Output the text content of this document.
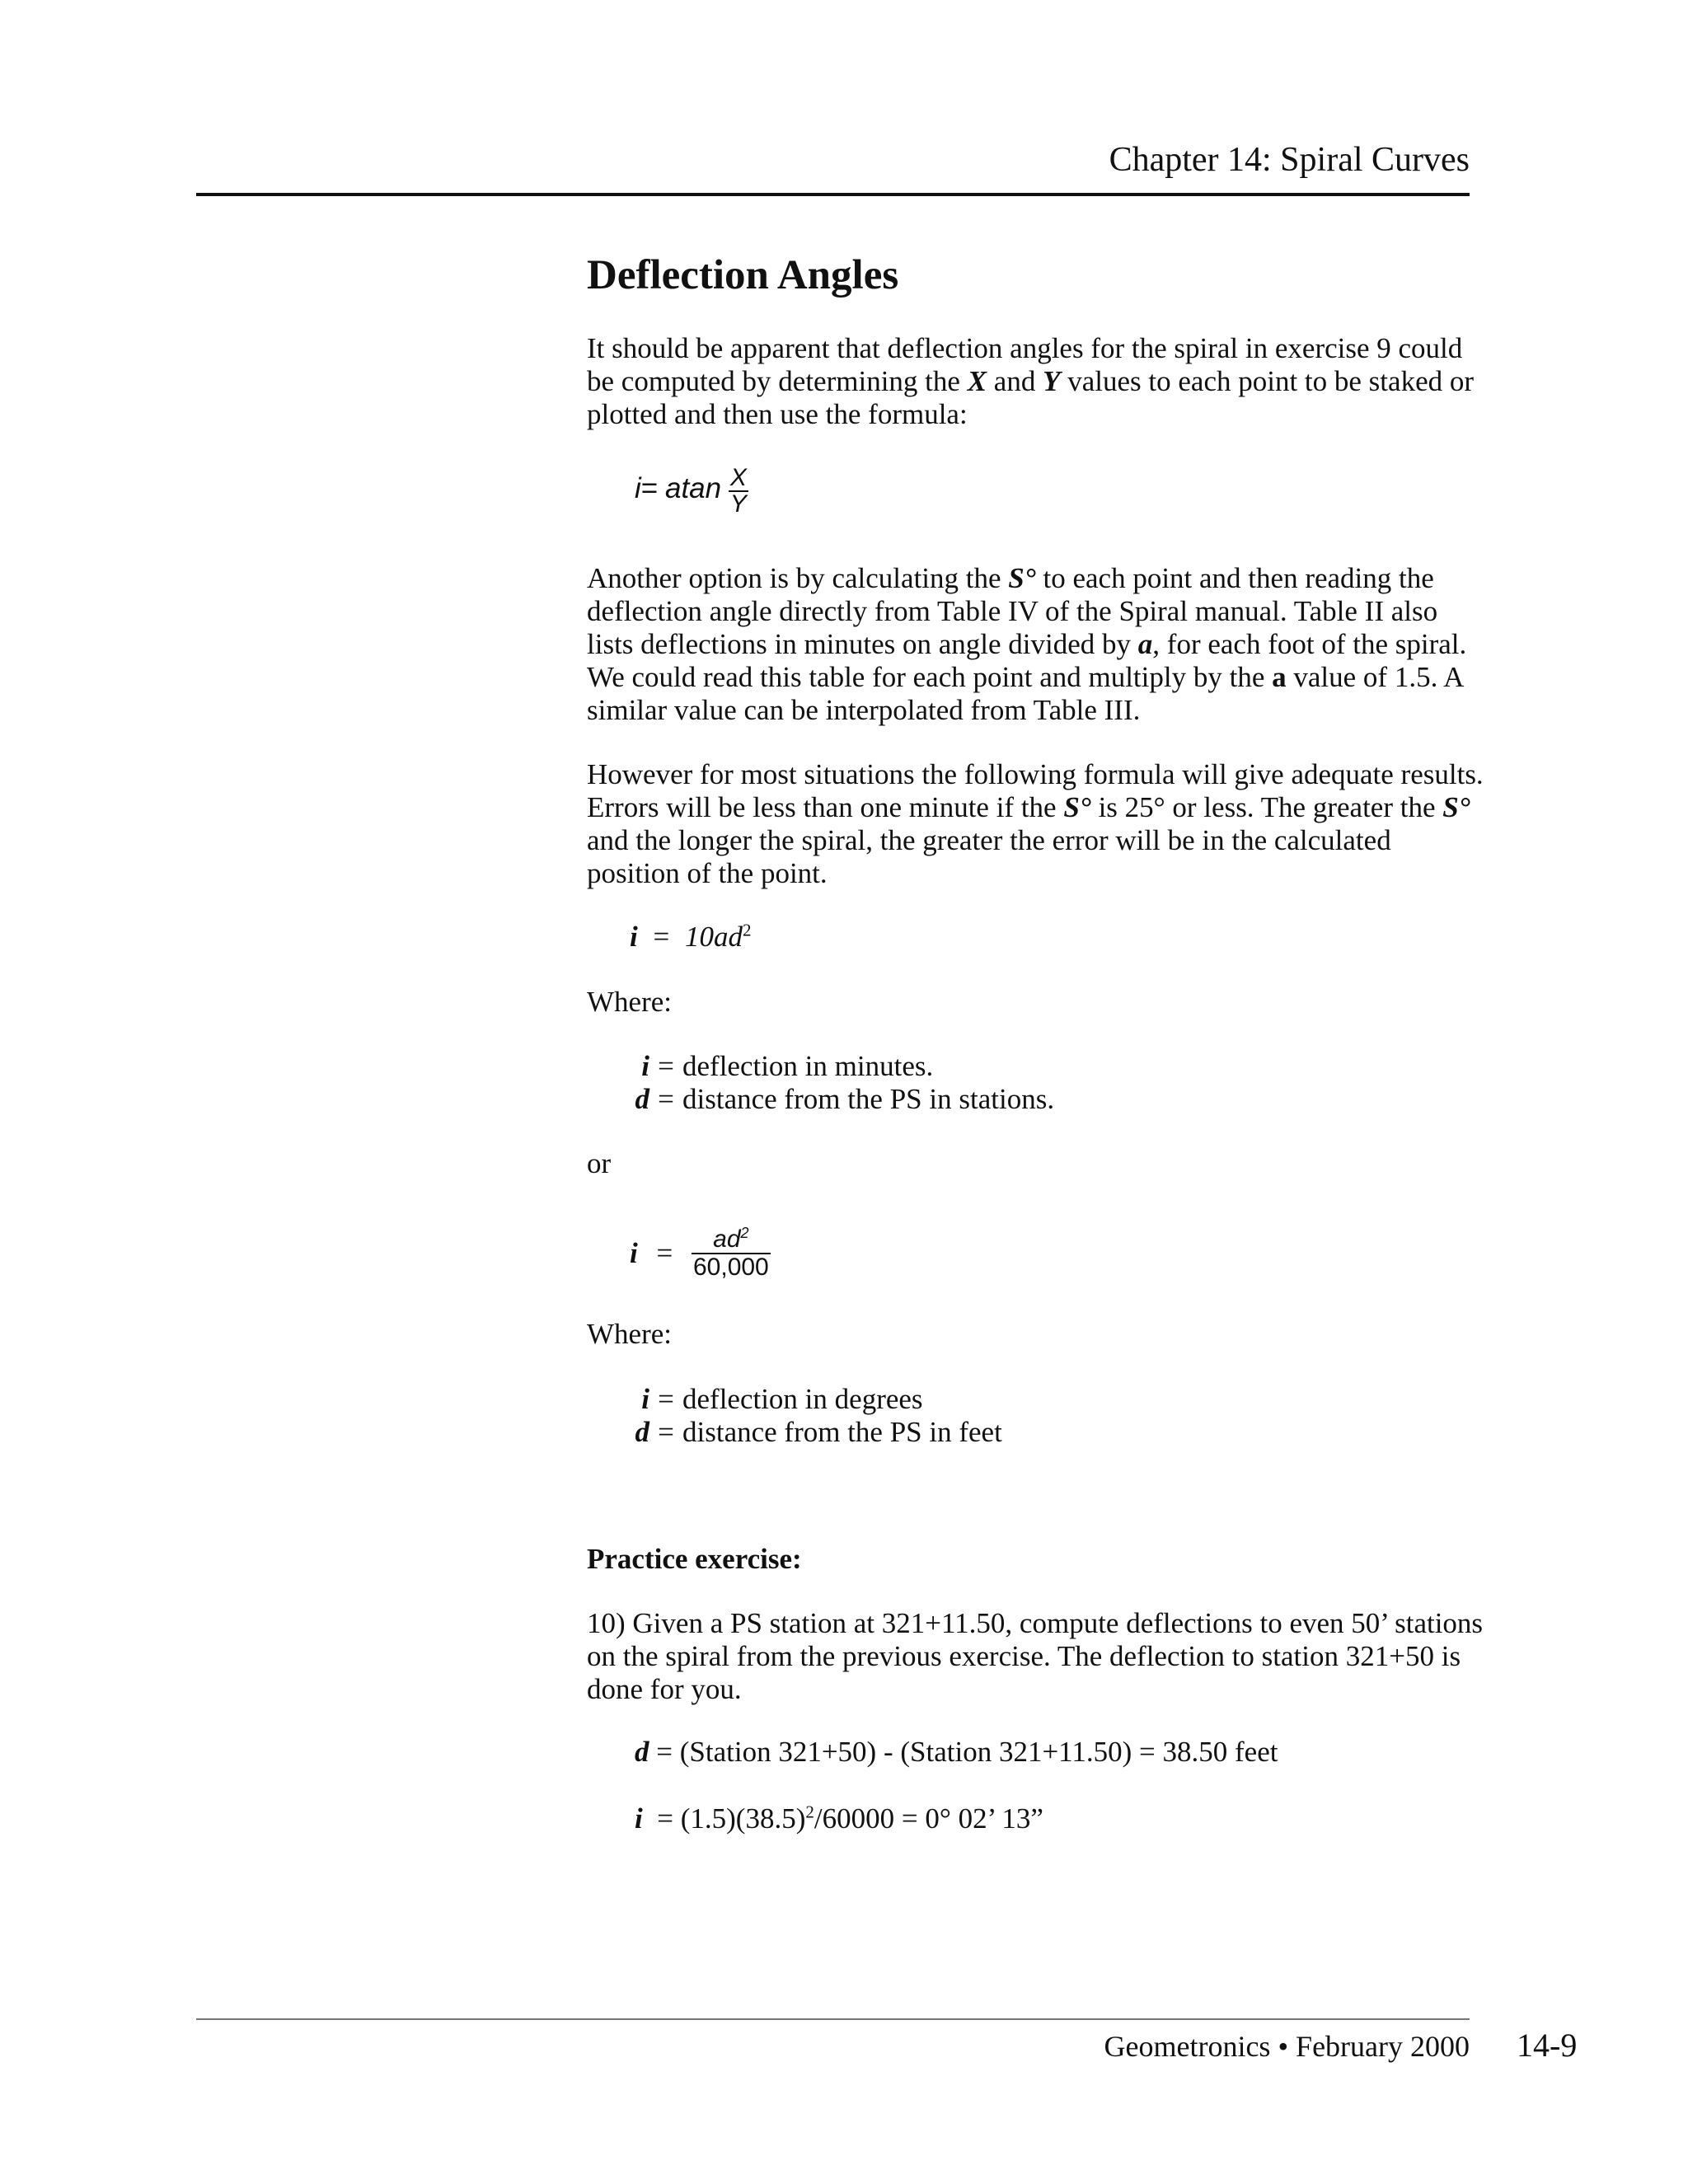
Chapter 14: Spiral Curves
Deflection Angles
It should be apparent that deflection angles for the spiral in exercise 9 could be computed by determining the X and Y values to each point to be staked or plotted and then use the formula:
i= atan $\frac{X}{Y}$
Another option is by calculating the S° to each point and then reading the deflection angle directly from Table IV of the Spiral manual. Table II also lists deflections in minutes on angle divided by a, for each foot of the spiral. We could read this table for each point and multiply by the a value of 1.5. A similar value can be interpolated from Table III.
However for most situations the following formula will give adequate results. Errors will be less than one minute if the S° is 25° or less. The greater the S° and the longer the spiral, the greater the error will be in the calculated position of the point.
$i = 10ad^2$
Where:
i = deflection in minutes.
d = distance from the PS in stations.
or
$i = \frac{ad^2}{60,000}$
Where:
i = deflection in degrees
d = distance from the PS in feet
Practice exercise:
10) Given a PS station at 321+11.50, compute deflections to even 50’ stations on the spiral from the previous exercise. The deflection to station 321+50 is done for you.
d = (Station 321+50) - (Station 321+11.50) = 38.50 feet
$i = (1.5)(38.5)^2/60000 = 0^\circ$ 02’ 13”
Geometronics • February 2000 14-9
